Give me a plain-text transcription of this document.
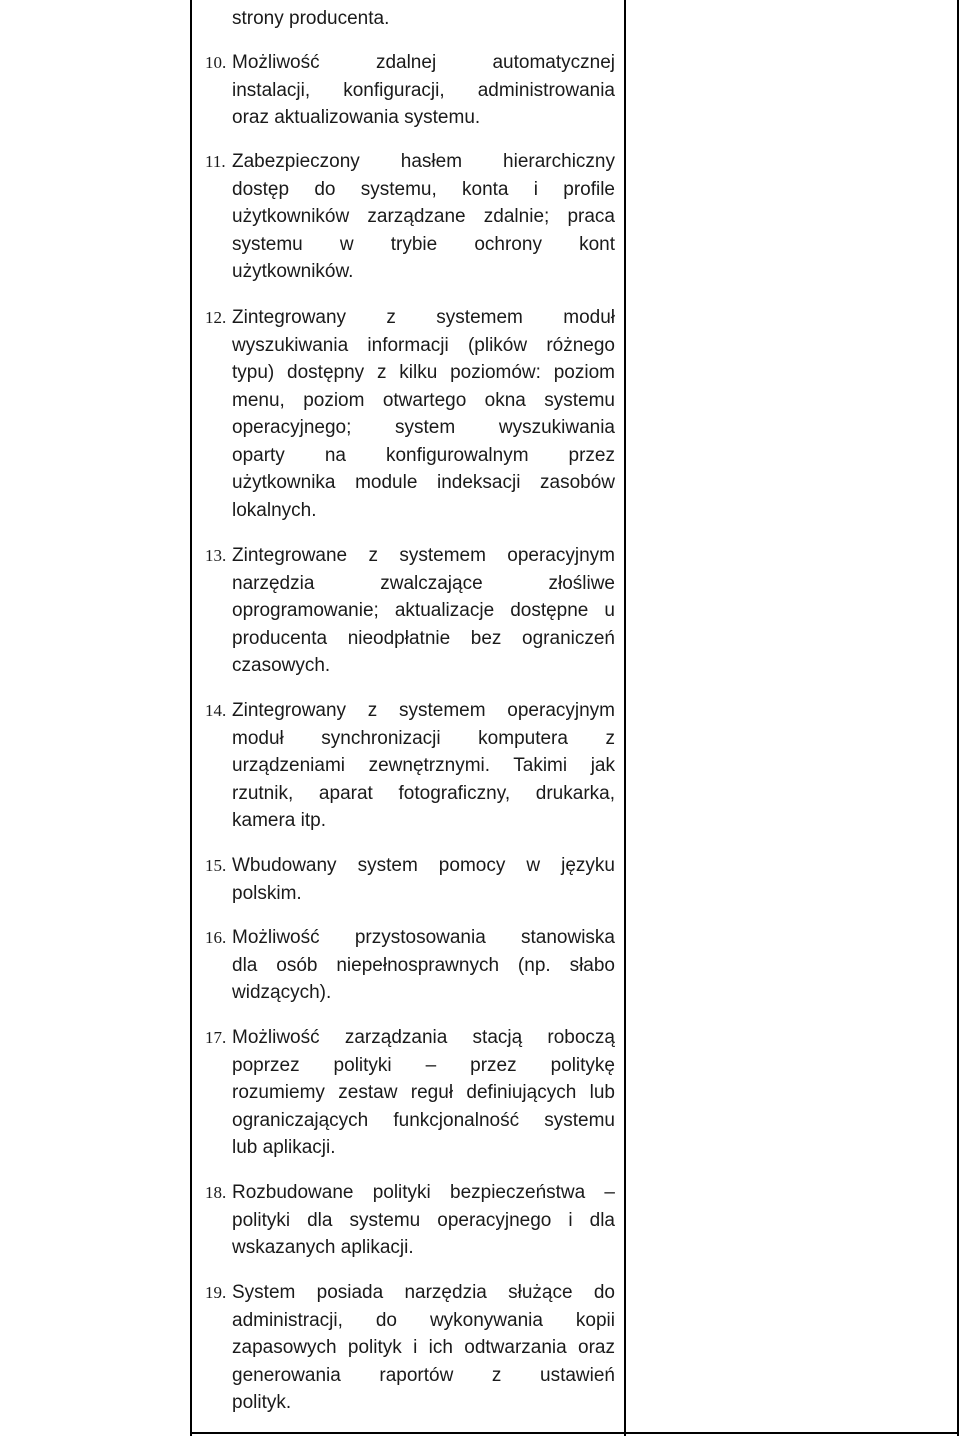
strony producenta.
10. Możliwość zdalnej automatycznej
instalacji, konfiguracji, administrowania
oraz aktualizowania systemu.
11. Zabezpieczony hasłem hierarchiczny
dostęp do systemu, konta i profile
użytkowników zarządzane zdalnie; praca
systemu w trybie ochrony kont
użytkowników.
12. Zintegrowany z systemem moduł
wyszukiwania informacji (plików różnego
typu) dostępny z kilku poziomów: poziom
menu, poziom otwartego okna systemu
operacyjnego; system wyszukiwania
oparty na konfigurowalnym przez
użytkownika module indeksacji zasobów
lokalnych.
13. Zintegrowane z systemem operacyjnym
narzędzia zwalczające złośliwe
oprogramowanie; aktualizacje dostępne u
producenta nieodpłatnie bez ograniczeń
czasowych.
14. Zintegrowany z systemem operacyjnym
moduł synchronizacji komputera z
urządzeniami zewnętrznymi. Takimi jak
rzutnik, aparat fotograficzny, drukarka,
kamera itp.
15. Wbudowany system pomocy w języku
polskim.
16. Możliwość przystosowania stanowiska
dla osób niepełnosprawnych (np. słabo
widzących).
17. Możliwość zarządzania stacją roboczą
poprzez polityki – przez politykę
rozumiemy zestaw reguł definiujących lub
ograniczających funkcjonalność systemu
lub aplikacji.
18. Rozbudowane polityki bezpieczeństwa –
polityki dla systemu operacyjnego i dla
wskazanych aplikacji.
19. System posiada narzędzia służące do
administracji, do wykonywania kopii
zapasowych polityk i ich odtwarzania oraz
generowania raportów z ustawień
polityk.
